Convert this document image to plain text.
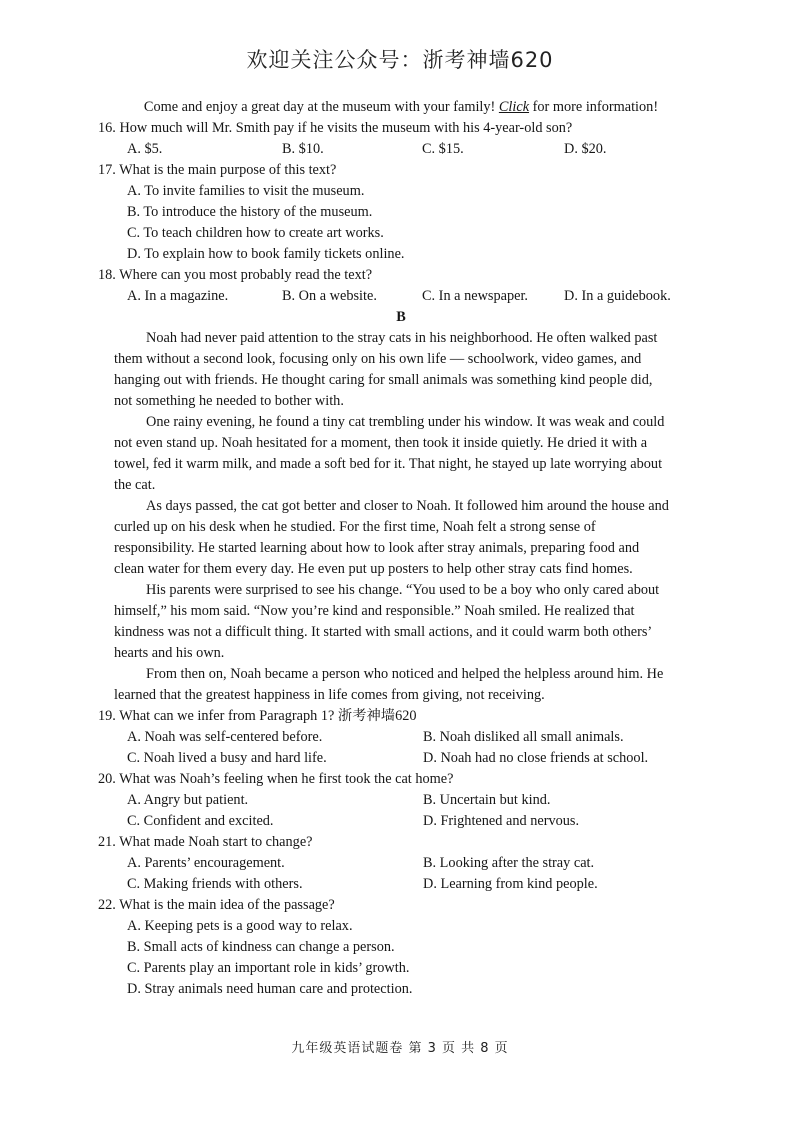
欢迎关注公众号：浙考神墙620
Come and enjoy a great day at the museum with your family! Click for more information!
16. How much will Mr. Smith pay if he visits the museum with his 4-year-old son?
A. $5.	B. $10.	C. $15.	D. $20.
17. What is the main purpose of this text?
A. To invite families to visit the museum.
B. To introduce the history of the museum.
C. To teach children how to create art works.
D. To explain how to book family tickets online.
18. Where can you most probably read the text?
A. In a magazine.	B. On a website.	C. In a newspaper.	D. In a guidebook.
B
Noah had never paid attention to the stray cats in his neighborhood. He often walked past
them without a second look, focusing only on his own life — schoolwork, video games, and
hanging out with friends. He thought caring for small animals was something kind people did,
not something he needed to bother with.
One rainy evening, he found a tiny cat trembling under his window. It was weak and could
not even stand up. Noah hesitated for a moment, then took it inside quietly. He dried it with a
towel, fed it warm milk, and made a soft bed for it. That night, he stayed up late worrying about
the cat.
As days passed, the cat got better and closer to Noah. It followed him around the house and
curled up on his desk when he studied. For the first time, Noah felt a strong sense of
responsibility. He started learning about how to look after stray animals, preparing food and
clean water for them every day. He even put up posters to help other stray cats find homes.
His parents were surprised to see his change. “You used to be a boy who only cared about
himself,” his mom said. “Now you’re kind and responsible.” Noah smiled. He realized that
kindness was not a difficult thing. It started with small actions, and it could warm both others’
hearts and his own.
From then on, Noah became a person who noticed and helped the helpless around him. He
learned that the greatest happiness in life comes from giving, not receiving.
19. What can we infer from Paragraph 1? 浙考神墙620
A. Noah was self-centered before.	B. Noah disliked all small animals.
C. Noah lived a busy and hard life.	D. Noah had no close friends at school.
20. What was Noah’s feeling when he first took the cat home?
A. Angry but patient.	B. Uncertain but kind.
C. Confident and excited.	D. Frightened and nervous.
21. What made Noah start to change?
A. Parents’ encouragement.	B. Looking after the stray cat.
C. Making friends with others.	D. Learning from kind people.
22. What is the main idea of the passage?
A. Keeping pets is a good way to relax.
B. Small acts of kindness can change a person.
C. Parents play an important role in kids’ growth.
D. Stray animals need human care and protection.
九年级英语试题卷 第 3 页 共 8 页
